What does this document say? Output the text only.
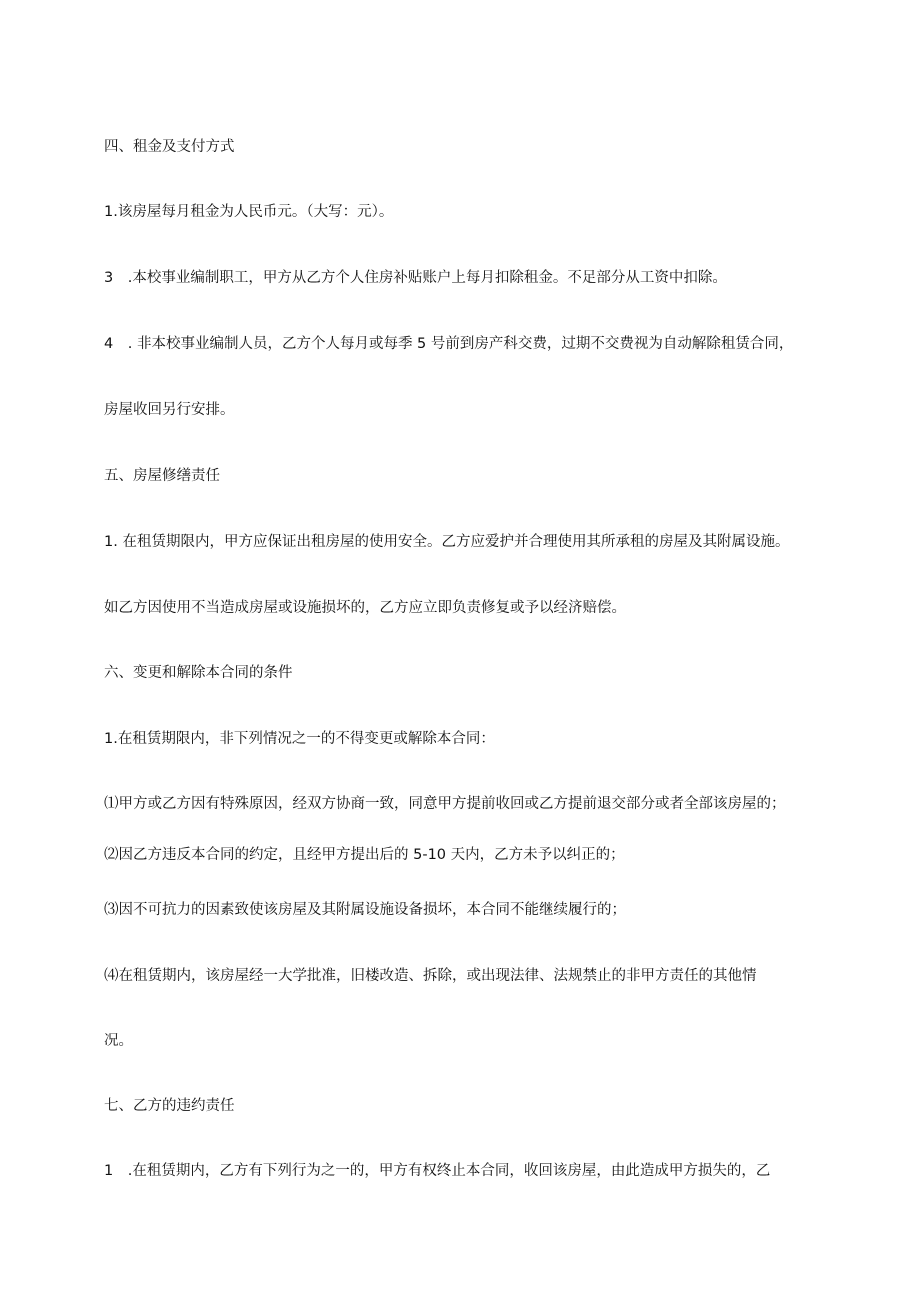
四、租金及支付方式
1.该房屋每月租金为人民币元。（大写：元）。
3　.本校事业编制职工，甲方从乙方个人住房补贴账户上每月扣除租金。不足部分从工资中扣除。
4　. 非本校事业编制人员，乙方个人每月或每季 5 号前到房产科交费，过期不交费视为自动解除租赁合同，
房屋收回另行安排。
五、房屋修缮责任
1. 在租赁期限内，甲方应保证出租房屋的使用安全。乙方应爱护并合理使用其所承租的房屋及其附属设施。
如乙方因使用不当造成房屋或设施损坏的，乙方应立即负责修复或予以经济赔偿。
六、变更和解除本合同的条件
1.在租赁期限内，非下列情况之一的不得变更或解除本合同：
⑴甲方或乙方因有特殊原因，经双方协商一致，同意甲方提前收回或乙方提前退交部分或者全部该房屋的；
⑵因乙方违反本合同的约定，且经甲方提出后的 5-10 天内，乙方未予以纠正的；
⑶因不可抗力的因素致使该房屋及其附属设施设备损坏，本合同不能继续履行的；
⑷在租赁期内，该房屋经一大学批准，旧楼改造、拆除，或出现法律、法规禁止的非甲方责任的其他情
况。
七、乙方的违约责任
1　.在租赁期内，乙方有下列行为之一的，甲方有权终止本合同，收回该房屋，由此造成甲方损失的，乙
